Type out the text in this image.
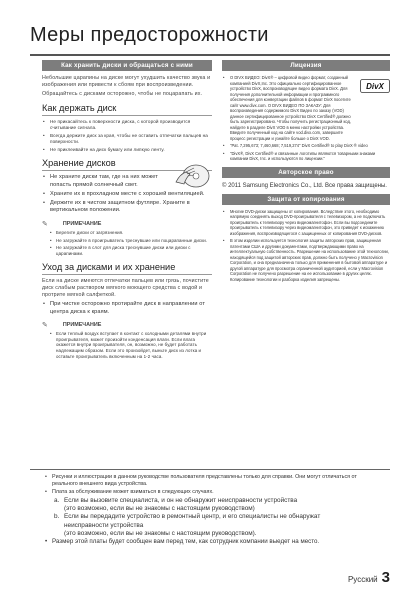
Меры предосторожности
Как хранить диски и обращаться с ними

Небольшие царапины на диске могут ухудшить качество звука и изображения или привести к сбоям при воспроизведении.

Обращайтесь с дисками осторожно, чтобы не поцарапать их.

Как держать диск

• Не прикасайтесь к поверхности диска, с которой производится считывание сигнала.

• Всегда держите диск за края, чтобы не оставить отпечатки пальцев на поверхности.

• Не приклеивайте на диск бумагу или липкую ленту.

Хранение дисков

• Не храните диски там, где на них может попасть прямой солнечный свет.

• Храните их в прохладном месте с хорошей вентиляцией.

• Держите их в чистом защитном футляре. Храните в вертикальном положении.

✎	ПРИМЕЧАНИЕ

• Берегите диски от загрязнения.

• Не загружайте в проигрыватель треснувшие или поцарапанные диски.

• Не загружайте в слот для диска треснувшие диски или диски с царапинами.

Уход за дисками и их хранение

Если на диске имеются отпечатки пальцев или грязь, почистите диск слабым раствором мягкого моющего средства с водой и протрите мягкой салфеткой.

• При чистке осторожно протирайте диск в направлении от центра диска к краям.

✎	ПРИМЕЧАНИЕ

• Если теплый воздух вступает в контакт с холодными деталями внутри проигрывателя, может произойти конденсация влаги. Если влага окажется внутри проигрывателя, он, возможно, не будет работать надлежащим образом. Если это произойдет, выньте диск из лотка и оставьте проигрыватель включенным на 1-2 часа.

Лицензия
DivX

• О DIVX ВИДЕО: DivX® – цифровой видео формат, созданный компанией DivX,Inc. Это официально сертифицированное устройство DivX, воспроизводящее видео формата DivX. Для получения дополнительной информации и программного обеспечения для конвертации файлов в формат DivX посетите сайт www.divx.com. О DIVX ВИДЕО ПО ЗАКАЗУ: Для воспроизведения содержимого DivX Видео по заказу (VOD) данное сертифицированное устройство DivX Certified® должно быть зарегистрировано. Чтобы получить регистрационный код, найдите в разделе DivX VOD в меню настройки устройства. Введите полученный код на сайте vod.divx.com, завершите процесс регистрации и узнайте больше о DivX VOD.

• "Pat. 7,295,673; 7,460,668; 7,519,274" DivX Certified® to play DivX ® video

• "DivX®, DivX Certified® и связанные логотипы являются товарными знаками компании DivX, Inc. и используются по лицензии."

Авторское право

© 2011 Samsung Electronics Co., Ltd. Все права защищены.

Защита от копирования

• Многие DVD-диски защищены от копирования. Вследствие этого, необходимо напрямую соединять выход DVD-проигрывателя с телевизором, а не подключать проигрыватель к телевизору через видеомагнитофон. Если вы подсоедините проигрыватель к телевизору через видеомагнитофон, это приведет к искажению изображения, воспроизводящегося с защищенных от копирования DVD-дисков.

• В этом изделии используется технология защиты авторских прав, защищенная патентами США и другими документами, подтверждающими право на интеллектуальную собственность. Разрешение на использование этой технологии, находящейся под защитой авторских прав, должно быть получено у Macrovision Corporation, и она предназначена только для применения в бытовой аппаратуре и другой аппаратуре для просмотра ограниченной аудиторией, если у Macrovision Corporation не получено разрешение на ее использование в других целях. Копирование технологии и разборка изделия запрещены.

• Рисунки и иллюстрации в данном руководстве пользователя представлены только для справки. Они могут отличаться от реального внешнего вида устройства.

• Плата за обслуживание может взиматься в следующих случаях.

a. Если вы вызовите специалиста, и он не обнаружит неисправности устройства

(это возможно, если вы не знакомы с настоящим руководством)

b. Если вы передадите устройство в ремонтный центр, и его специалисты не обнаружат

неисправности устройства

(это возможно, если вы не знакомы с настоящим руководством).

• Размер этой платы будет сообщен вам перед тем, как сотрудник компании выедет на место.

Русский 3
